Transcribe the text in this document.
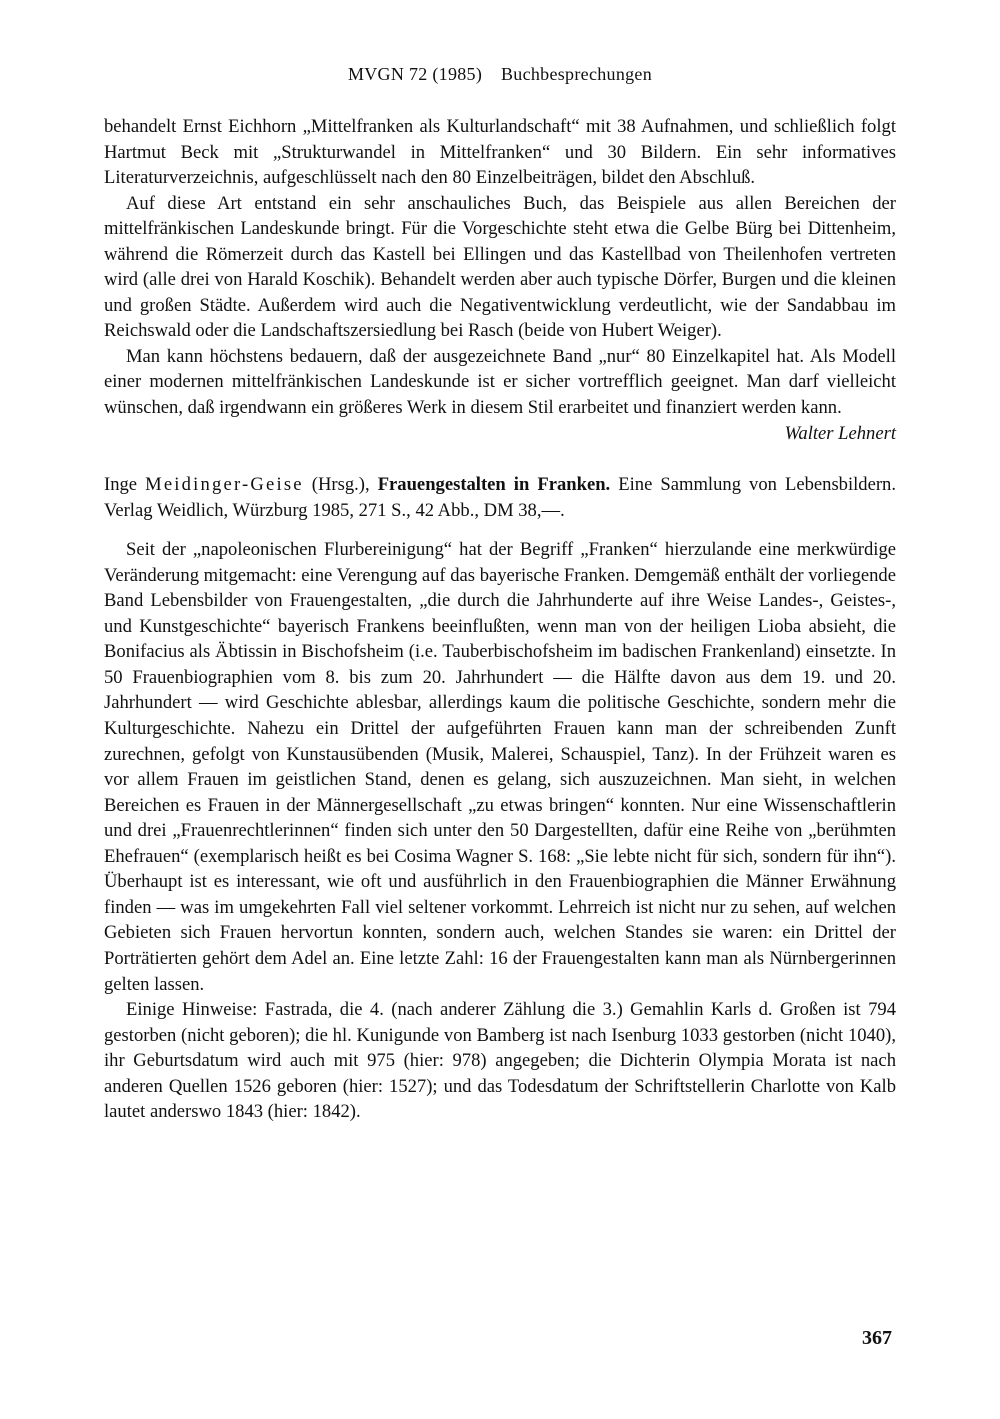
MVGN 72 (1985) Buchbesprechungen

behandelt Ernst Eichhorn „Mittelfranken als Kulturlandschaft“ mit 38 Aufnahmen, und schließlich folgt Hartmut Beck mit „Strukturwandel in Mittelfranken“ und 30 Bildern. Ein sehr informatives Literaturverzeichnis, aufgeschlüsselt nach den 80 Einzelbeiträgen, bildet den Abschluß.

Auf diese Art entstand ein sehr anschauliches Buch, das Beispiele aus allen Bereichen der mittelfränkischen Landeskunde bringt. Für die Vorgeschichte steht etwa die Gelbe Bürg bei Dittenheim, während die Römerzeit durch das Kastell bei Ellingen und das Kastellbad von Theilenhofen vertreten wird (alle drei von Harald Koschik). Behandelt werden aber auch typische Dörfer, Burgen und die kleinen und großen Städte. Außerdem wird auch die Negativentwicklung verdeutlicht, wie der Sandabbau im Reichswald oder die Landschaftszersiedlung bei Rasch (beide von Hubert Weiger).

Man kann höchstens bedauern, daß der ausgezeichnete Band „nur“ 80 Einzelkapitel hat. Als Modell einer modernen mittelfränkischen Landeskunde ist er sicher vortrefflich geeignet. Man darf vielleicht wünschen, daß irgendwann ein größeres Werk in diesem Stil erarbeitet und finanziert werden kann.

Walter Lehnert

Inge Meidinger-Geise (Hrsg.), Frauengestalten in Franken. Eine Sammlung von Lebensbildern. Verlag Weidlich, Würzburg 1985, 271 S., 42 Abb., DM 38,—.

Seit der „napoleonischen Flurbereinigung“ hat der Begriff „Franken“ hierzulande eine merkwürdige Veränderung mitgemacht: eine Verengung auf das bayerische Franken. Demgemäß enthält der vorliegende Band Lebensbilder von Frauengestalten, „die durch die Jahrhunderte auf ihre Weise Landes-, Geistes-, und Kunstgeschichte“ bayerisch Frankens beeinflußten, wenn man von der heiligen Lioba absieht, die Bonifacius als Äbtissin in Bischofsheim (i.e. Tauberbischofsheim im badischen Frankenland) einsetzte. In 50 Frauenbiographien vom 8. bis zum 20. Jahrhundert — die Hälfte davon aus dem 19. und 20. Jahrhundert — wird Geschichte ablesbar, allerdings kaum die politische Geschichte, sondern mehr die Kulturgeschichte. Nahezu ein Drittel der aufgeführten Frauen kann man der schreibenden Zunft zurechnen, gefolgt von Kunstausübenden (Musik, Malerei, Schauspiel, Tanz). In der Frühzeit waren es vor allem Frauen im geistlichen Stand, denen es gelang, sich auszuzeichnen. Man sieht, in welchen Bereichen es Frauen in der Männergesellschaft „zu etwas bringen“ konnten. Nur eine Wissenschaftlerin und drei „Frauenrechtlerinnen“ finden sich unter den 50 Dargestellten, dafür eine Reihe von „berühmten Ehefrauen“ (exemplarisch heißt es bei Cosima Wagner S. 168: „Sie lebte nicht für sich, sondern für ihn“). Überhaupt ist es interessant, wie oft und ausführlich in den Frauenbiographien die Männer Erwähnung finden — was im umgekehrten Fall viel seltener vorkommt. Lehrreich ist nicht nur zu sehen, auf welchen Gebieten sich Frauen hervortun konnten, sondern auch, welchen Standes sie waren: ein Drittel der Porträtierten gehört dem Adel an. Eine letzte Zahl: 16 der Frauengestalten kann man als Nürnbergerinnen gelten lassen.

Einige Hinweise: Fastrada, die 4. (nach anderer Zählung die 3.) Gemahlin Karls d. Großen ist 794 gestorben (nicht geboren); die hl. Kunigunde von Bamberg ist nach Isenburg 1033 gestorben (nicht 1040), ihr Geburtsdatum wird auch mit 975 (hier: 978) angegeben; die Dichterin Olympia Morata ist nach anderen Quellen 1526 geboren (hier: 1527); und das Todesdatum der Schriftstellerin Charlotte von Kalb lautet anderswo 1843 (hier: 1842).

367
